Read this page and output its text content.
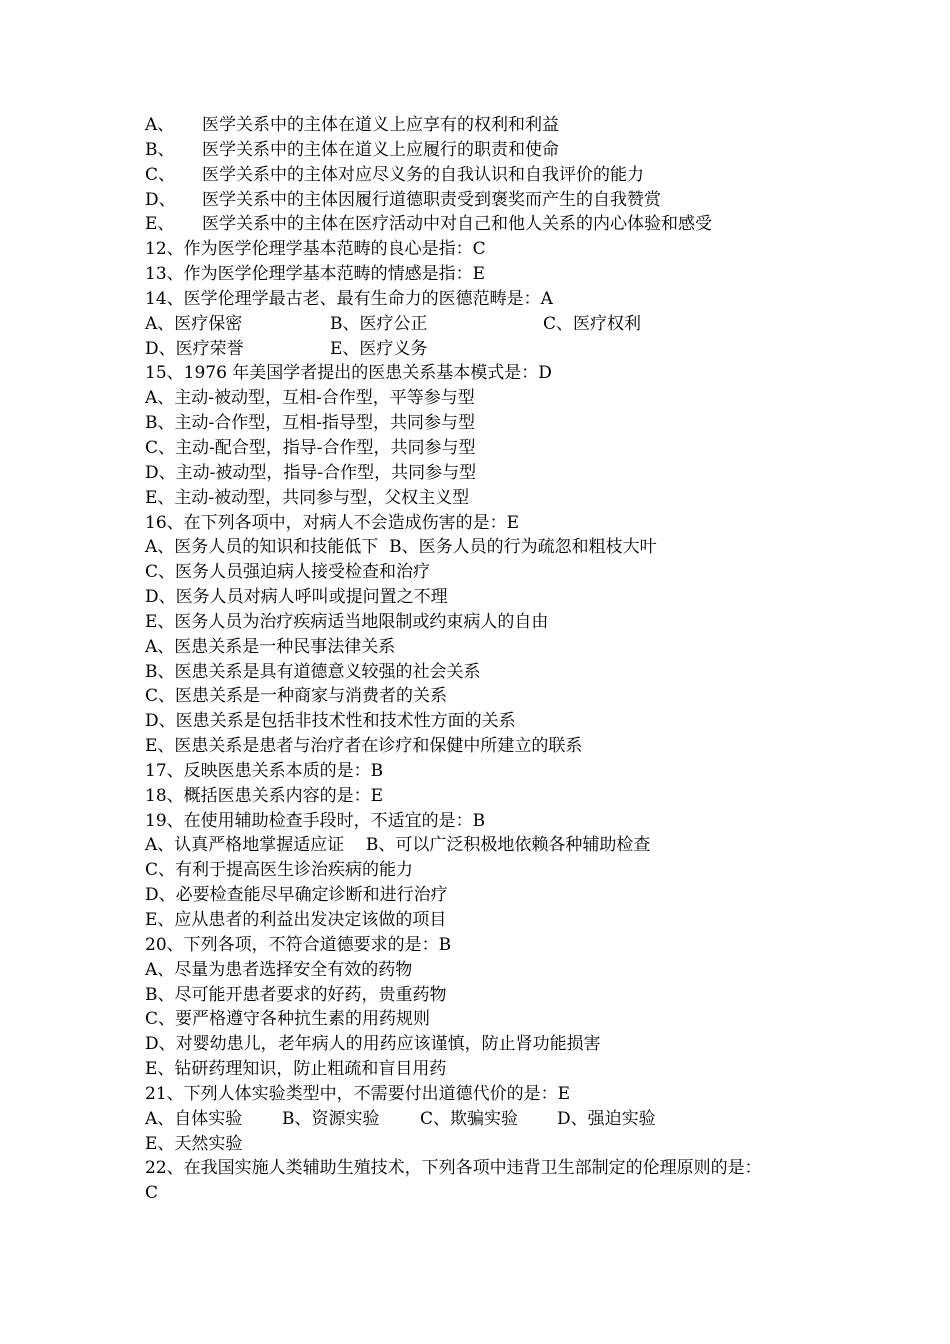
A、 医学关系中的主体在道义上应享有的权利和利益
B、 医学关系中的主体在道义上应履行的职责和使命
C、 医学关系中的主体对应尽义务的自我认识和自我评价的能力
D、 医学关系中的主体因履行道德职责受到褒奖而产生的自我赞赏
E、 医学关系中的主体在医疗活动中对自己和他人关系的内心体验和感受
12、作为医学伦理学基本范畴的良心是指：C
13、作为医学伦理学基本范畴的情感是指：E
14、医学伦理学最古老、最有生命力的医德范畴是：A
A、医疗保密	B、医疗公正	C、医疗权利
D、医疗荣誉	E、医疗义务
15、1976 年美国学者提出的医患关系基本模式是：D
A、主动-被动型，互相-合作型，平等参与型
B、主动-合作型，互相-指导型，共同参与型
C、主动-配合型，指导-合作型，共同参与型
D、主动-被动型，指导-合作型，共同参与型
E、主动-被动型，共同参与型，父权主义型
16、在下列各项中，对病人不会造成伤害的是：E
A、医务人员的知识和技能低下  B、医务人员的行为疏忽和粗枝大叶
C、医务人员强迫病人接受检查和治疗
D、医务人员对病人呼叫或提问置之不理
E、医务人员为治疗疾病适当地限制或约束病人的自由
A、医患关系是一种民事法律关系
B、医患关系是具有道德意义较强的社会关系
C、医患关系是一种商家与消费者的关系
D、医患关系是包括非技术性和技术性方面的关系
E、医患关系是患者与治疗者在诊疗和保健中所建立的联系
17、反映医患关系本质的是：B
18、概括医患关系内容的是：E
19、在使用辅助检查手段时，不适宜的是：B
A、认真严格地掌握适应证    B、可以广泛积极地依赖各种辅助检查
C、有利于提高医生诊治疾病的能力
D、必要检查能尽早确定诊断和进行治疗
E、应从患者的利益出发决定该做的项目
20、下列各项，不符合道德要求的是：B
A、尽量为患者选择安全有效的药物
B、尽可能开患者要求的好药，贵重药物
C、要严格遵守各种抗生素的用药规则
D、对婴幼患儿，老年病人的用药应该谨慎，防止肾功能损害
E、钻研药理知识，防止粗疏和盲目用药
21、下列人体实验类型中，不需要付出道德代价的是：E
A、自体实验 B、资源实验 C、欺骗实验 D、强迫实验
E、天然实验
22、在我国实施人类辅助生殖技术，下列各项中违背卫生部制定的伦理原则的是：
C
